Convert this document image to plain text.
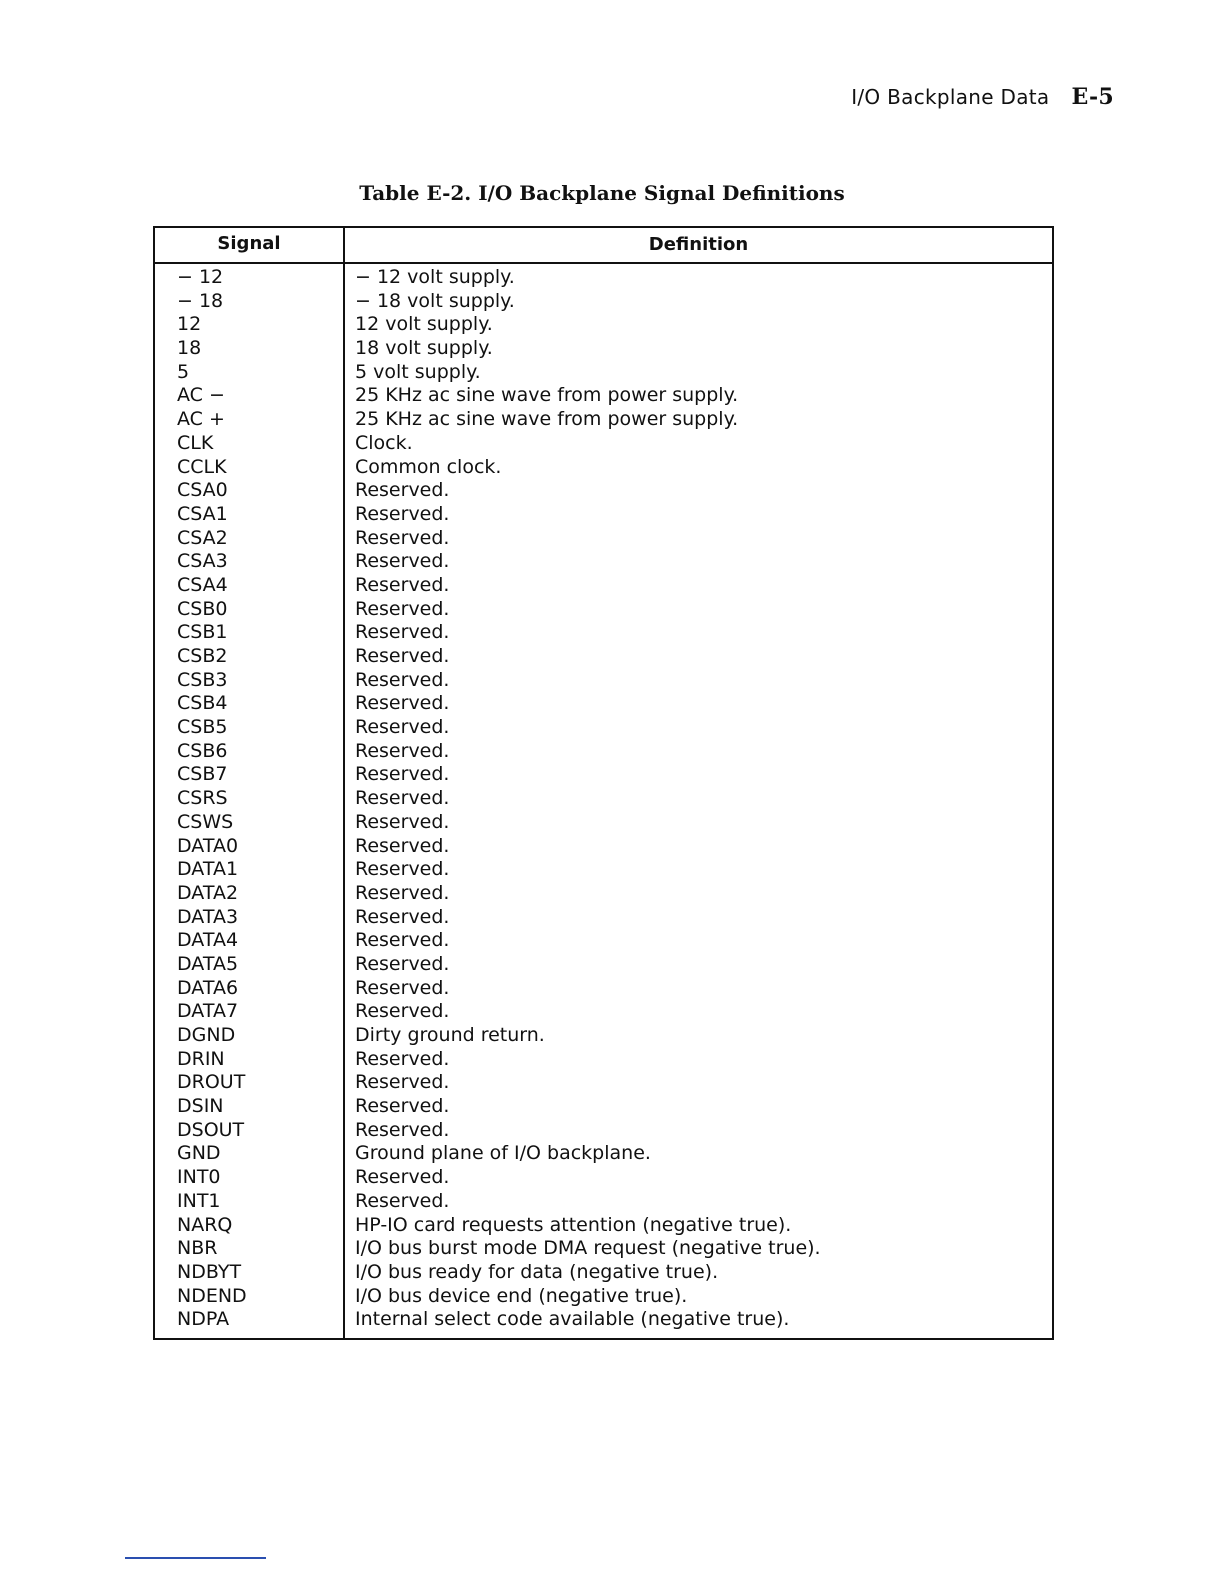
I/O Backplane Data E-5
Table E-2. I/O Backplane Signal Definitions
Signal	Definition
− 12	− 12 volt supply.
− 18	− 18 volt supply.
12	12 volt supply.
18	18 volt supply.
5	5 volt supply.
AC −	25 KHz ac sine wave from power supply.
AC +	25 KHz ac sine wave from power supply.
CLK	Clock.
CCLK	Common clock.
CSA0	Reserved.
CSA1	Reserved.
CSA2	Reserved.
CSA3	Reserved.
CSA4	Reserved.
CSB0	Reserved.
CSB1	Reserved.
CSB2	Reserved.
CSB3	Reserved.
CSB4	Reserved.
CSB5	Reserved.
CSB6	Reserved.
CSB7	Reserved.
CSRS	Reserved.
CSWS	Reserved.
DATA0	Reserved.
DATA1	Reserved.
DATA2	Reserved.
DATA3	Reserved.
DATA4	Reserved.
DATA5	Reserved.
DATA6	Reserved.
DATA7	Reserved.
DGND	Dirty ground return.
DRIN	Reserved.
DROUT	Reserved.
DSIN	Reserved.
DSOUT	Reserved.
GND	Ground plane of I/O backplane.
INT0	Reserved.
INT1	Reserved.
NARQ	HP-IO card requests attention (negative true).
NBR	I/O bus burst mode DMA request (negative true).
NDBYT	I/O bus ready for data (negative true).
NDEND	I/O bus device end (negative true).
NDPA	Internal select code available (negative true).
